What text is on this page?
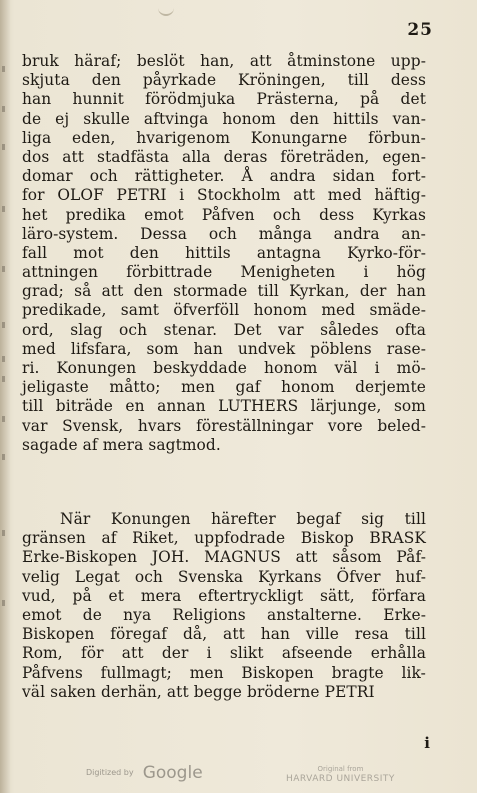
25
bruk häraf; beslöt han, att åtminstone upp-
skjuta den påyrkade Kröningen, till dess
han hunnit förödmjuka Prästerna, på det
de ej skulle aftvinga honom den hittils van-
liga eden, hvarigenom Konungarne förbun-
dos att stadfästa alla deras företräden, egen-
domar och rättigheter. Å andra sidan fort-
for OLOF PETRI i Stockholm att med häftig-
het predika emot Påfven och dess Kyrkas
läro-system. Dessa och många andra an-
fall mot den hittils antagna Kyrko-för-
attningen förbittrade Menigheten i hög
grad; så att den stormade till Kyrkan, der han
predikade, samt öfverföll honom med smäde-
ord, slag och stenar. Det var således ofta
med lifsfara, som han undvek pöblens rase-
ri. Konungen beskyddade honom väl i mö-
jeligaste måtto; men gaf honom derjemte
till biträde en annan LUTHERS lärjunge, som
var Svensk, hvars föreställningar vore beled-
sagade af mera sagtmod.
När Konungen härefter begaf sig till
gränsen af Riket, uppfodrade Biskop BRASK
Erke-Biskopen JOH. MAGNUS att såsom Påf-
velig Legat och Svenska Kyrkans Öfver huf-
vud, på et mera eftertryckligt sätt, förfara
emot de nya Religions anstalterne. Erke-
Biskopen föregaf då, att han ville resa till
Rom, för att der i slikt afseende erhålla
Påfvens fullmagt; men Biskopen bragte lik-
väl saken derhän, att begge bröderne PETRI
i
Digitized by Google	Original from
HARVARD UNIVERSITY
